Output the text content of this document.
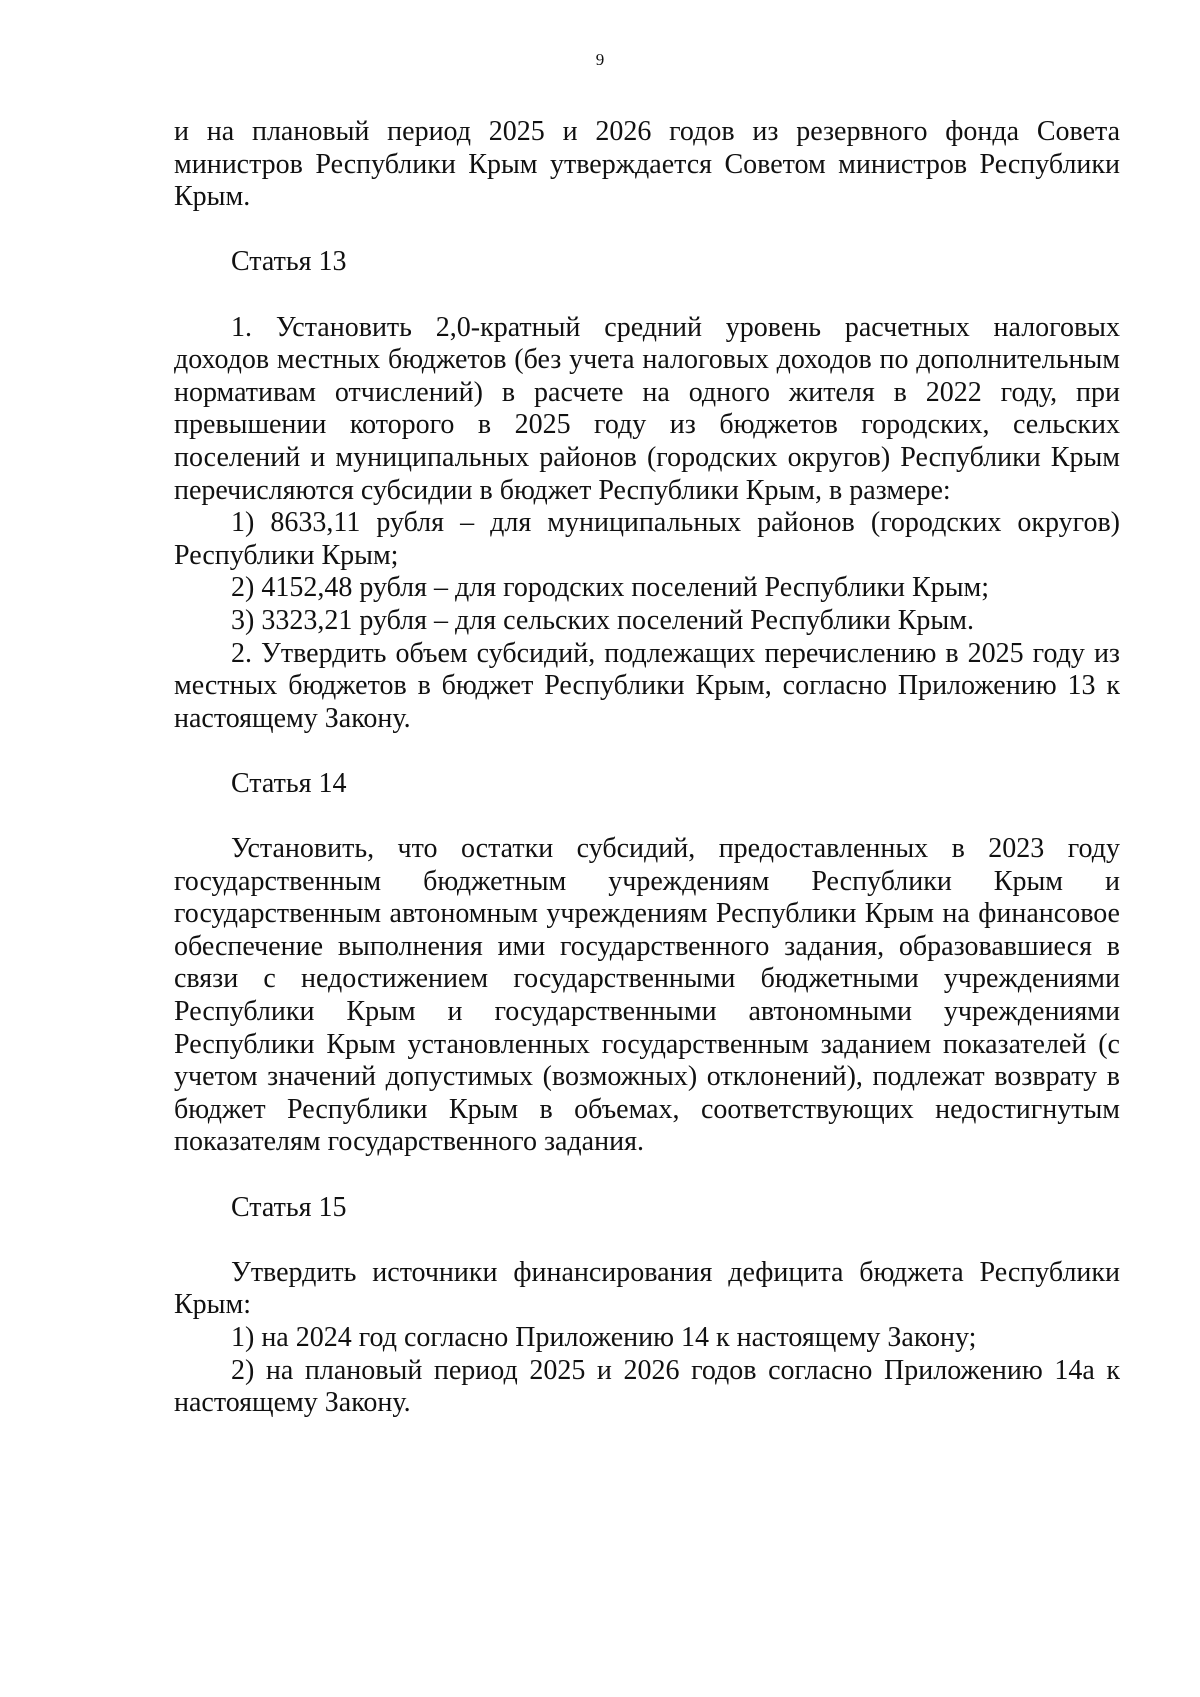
9

и на плановый период 2025 и 2026 годов из резервного фонда Совета министров Республики Крым утверждается Советом министров Республики Крым.

Статья 13

1. Установить 2,0-кратный средний уровень расчетных налоговых доходов местных бюджетов (без учета налоговых доходов по дополнительным нормативам отчислений) в расчете на одного жителя в 2022 году, при превышении которого в 2025 году из бюджетов городских, сельских поселений и муниципальных районов (городских округов) Республики Крым перечисляются субсидии в бюджет Республики Крым, в размере:

1) 8633,11 рубля – для муниципальных районов (городских округов) Республики Крым;

2) 4152,48 рубля – для городских поселений Республики Крым;

3) 3323,21 рубля – для сельских поселений Республики Крым.

2. Утвердить объем субсидий, подлежащих перечислению в 2025 году из местных бюджетов в бюджет Республики Крым, согласно Приложению 13 к настоящему Закону.

Статья 14

Установить, что остатки субсидий, предоставленных в 2023 году государственным бюджетным учреждениям Республики Крым и государственным автономным учреждениям Республики Крым на финансовое обеспечение выполнения ими государственного задания, образовавшиеся в связи с недостижением государственными бюджетными учреждениями Республики Крым и государственными автономными учреждениями Республики Крым установленных государственным заданием показателей (с учетом значений допустимых (возможных) отклонений), подлежат возврату в бюджет Республики Крым в объемах, соответствующих недостигнутым показателям государственного задания.

Статья 15

Утвердить источники финансирования дефицита бюджета Республики Крым:

1) на 2024 год согласно Приложению 14 к настоящему Закону;

2) на плановый период 2025 и 2026 годов согласно Приложению 14а к настоящему Закону.
